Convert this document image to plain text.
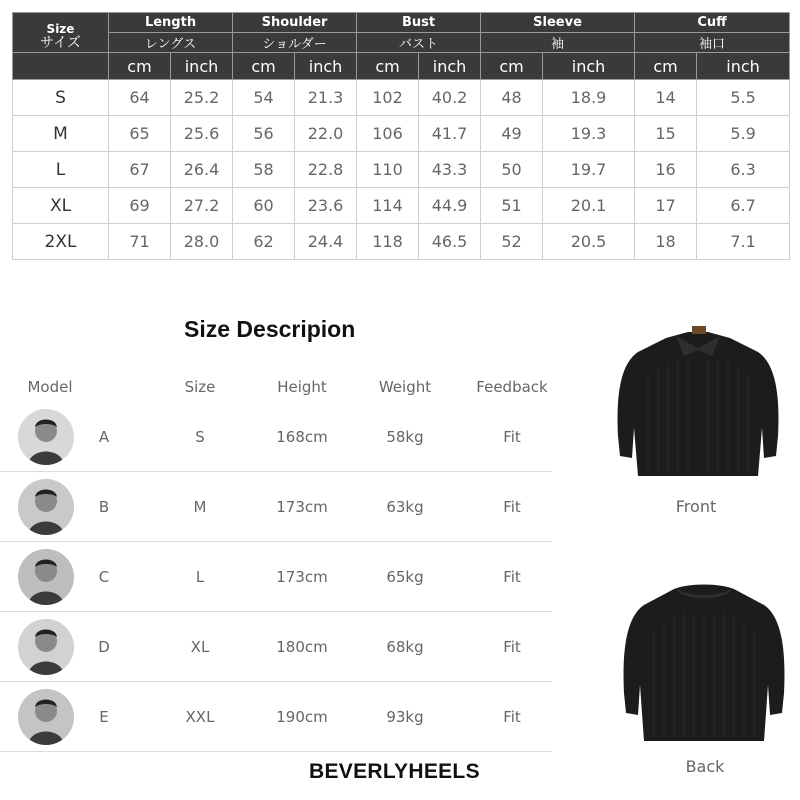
Size
サイズ	Length		Shoulder		Bust		Sleeve		Cuff	
	レングス		ショルダー		バスト		袖		袖口	
	cm	inch	cm	inch	cm	inch	cm	inch	cm	inch
S	64	25.2	54	21.3	102	40.2	48	18.9	14	5.5
M	65	25.6	56	22.0	106	41.7	49	19.3	15	5.9
L	67	26.4	58	22.8	110	43.3	50	19.7	16	6.3
XL	69	27.2	60	23.6	114	44.9	51	20.1	17	6.7
2XL	71	28.0	62	24.4	118	46.5	52	20.5	18	7.1
Size Descripion
Model	Size	Height	Weight	Feedback
A	S	168cm	58kg	Fit
B	M	173cm	63kg	Fit
C	L	173cm	65kg	Fit
D	XL	180cm	68kg	Fit
E	XXL	190cm	93kg	Fit
Front
Back
BEVERLYHEELS
